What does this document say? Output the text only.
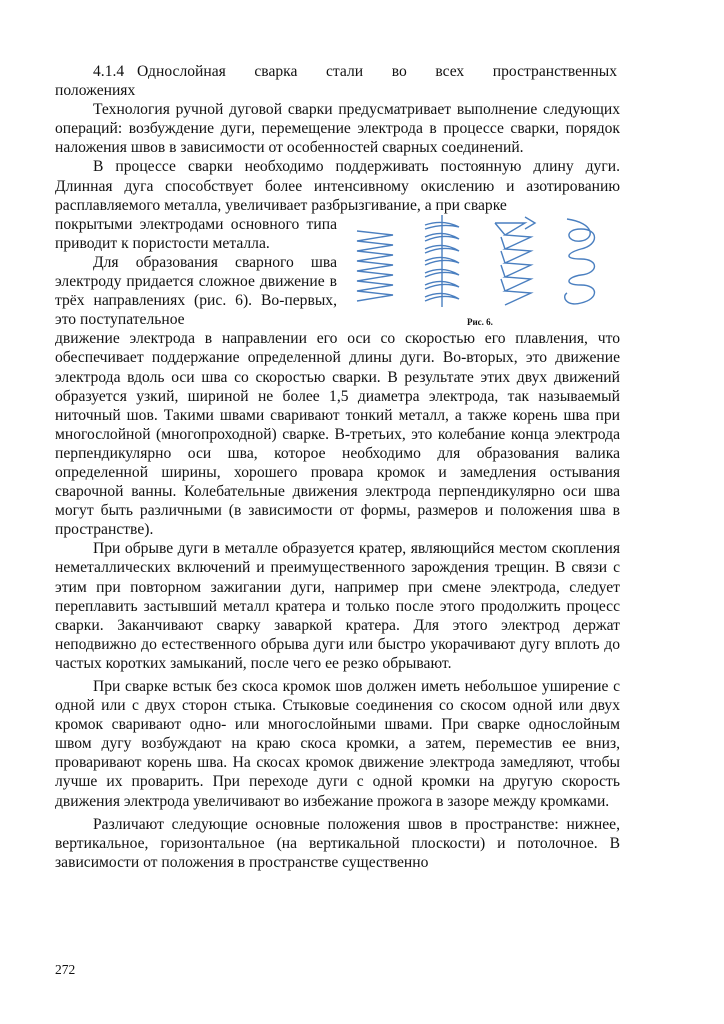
4.1.4 Однослойная сварка стали во всех пространственных

положениях

Технология ручной дуговой сварки предусматривает выполнение следующих операций: возбуждение дуги, перемещение электрода в процессе сварки, порядок наложения швов в зависимости от особенностей сварных соединений.

В процессе сварки необходимо поддерживать постоянную длину дуги. Длинная дуга способствует более интенсивному окислению и азотированию расплавляемого металла, увеличивает разбрызгивание, а при сварке

покрытыми электродами основного типа приводит к пористости металла.

Для образования сварного шва электроду придается сложное движение в трёх направлениях (рис. 6). Во-первых, это поступательное	Рис. 6.

движение электрода в направлении его оси со скоростью его плавления, что обеспечивает поддержание определенной длины дуги. Во-вторых, это движение электрода вдоль оси шва со скоростью сварки. В результате этих двух движений образуется узкий, шириной не более 1,5 диаметра электрода, так называемый ниточный шов. Такими швами сваривают тонкий металл, а также корень шва при многослойной (многопроходной) сварке. В-третьих, это колебание конца электрода перпендикулярно оси шва, которое необходимо для образования валика определенной ширины, хорошего провара кромок и замедления остывания сварочной ванны. Колебательные движения электрода перпендикулярно оси шва могут быть различными (в зависимости от формы, размеров и положения шва в пространстве).

При обрыве дуги в металле образуется кратер, являющийся местом скопления неметаллических включений и преимущественного зарождения трещин. В связи с этим при повторном зажигании дуги, например при смене электрода, следует переплавить застывший металл кратера и только после этого продолжить процесс сварки. Заканчивают сварку заваркой кратера. Для этого электрод держат неподвижно до естественного обрыва дуги или быстро укорачивают дугу вплоть до частых коротких замыканий, после чего ее резко обрывают.

При сварке встык без скоса кромок шов должен иметь небольшое уширение с одной или с двух сторон стыка. Стыковые соединения со скосом одной или двух кромок сваривают одно- или многослойными швами. При сварке однослойным швом дугу возбуждают на краю скоса кромки, а затем, переместив ее вниз, проваривают корень шва. На скосах кромок движение электрода замедляют, чтобы лучше их проварить. При переходе дуги с одной кромки на другую скорость движения электрода увеличивают во избежание прожога в зазоре между кромками.

Различают следующие основные положения швов в пространстве: нижнее, вертикальное, горизонтальное (на вертикальной плоскости) и потолочное. В зависимости от положения в пространстве существенно

272
